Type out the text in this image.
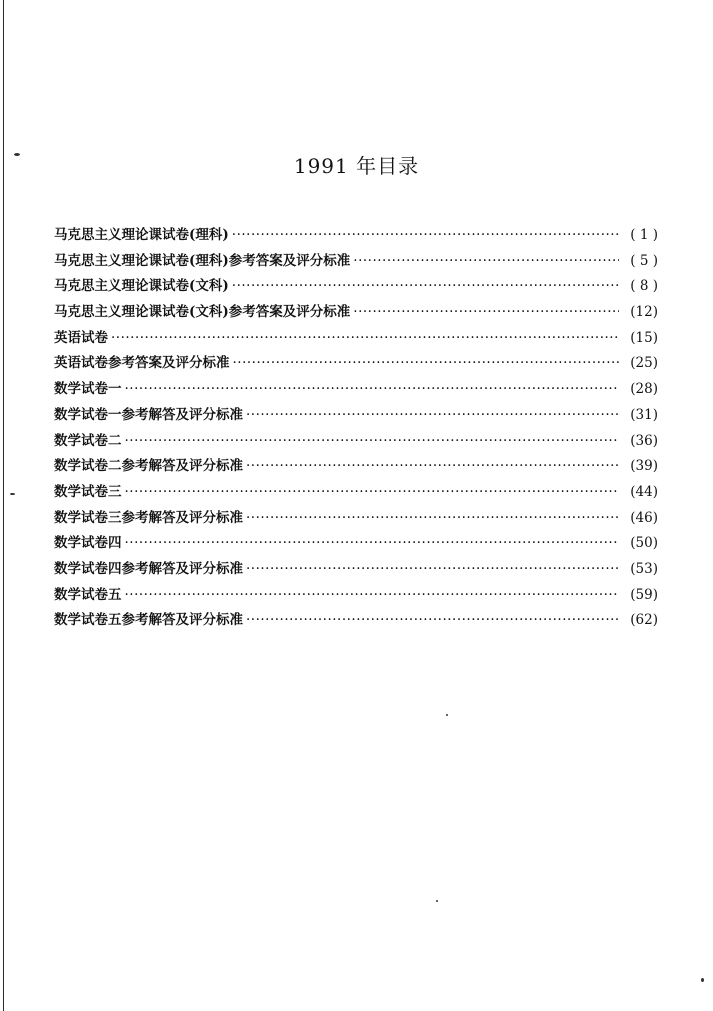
1991 年目录
马克思主义理论课试卷(理科) ·····	( 1 )
马克思主义理论课试卷(理科)参考答案及评分标准 ·····	( 5 )
马克思主义理论课试卷(文科) ·····	( 8 )
马克思主义理论课试卷(文科)参考答案及评分标准 ·····	(12)
英语试卷 ·····	(15)
英语试卷参考答案及评分标准 ·····	(25)
数学试卷一 ·····	(28)
数学试卷一参考解答及评分标准 ·····	(31)
数学试卷二 ·····	(36)
数学试卷二参考解答及评分标准 ·····	(39)
数学试卷三 ·····	(44)
数学试卷三参考解答及评分标准 ·····	(46)
数学试卷四 ·····	(50)
数学试卷四参考解答及评分标准 ·····	(53)
数学试卷五 ·····	(59)
数学试卷五参考解答及评分标准 ·····	(62)
